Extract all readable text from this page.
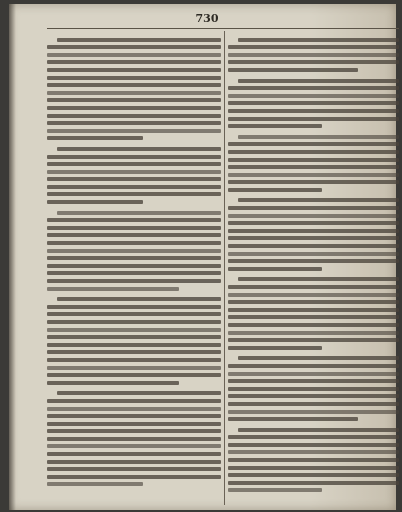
730
